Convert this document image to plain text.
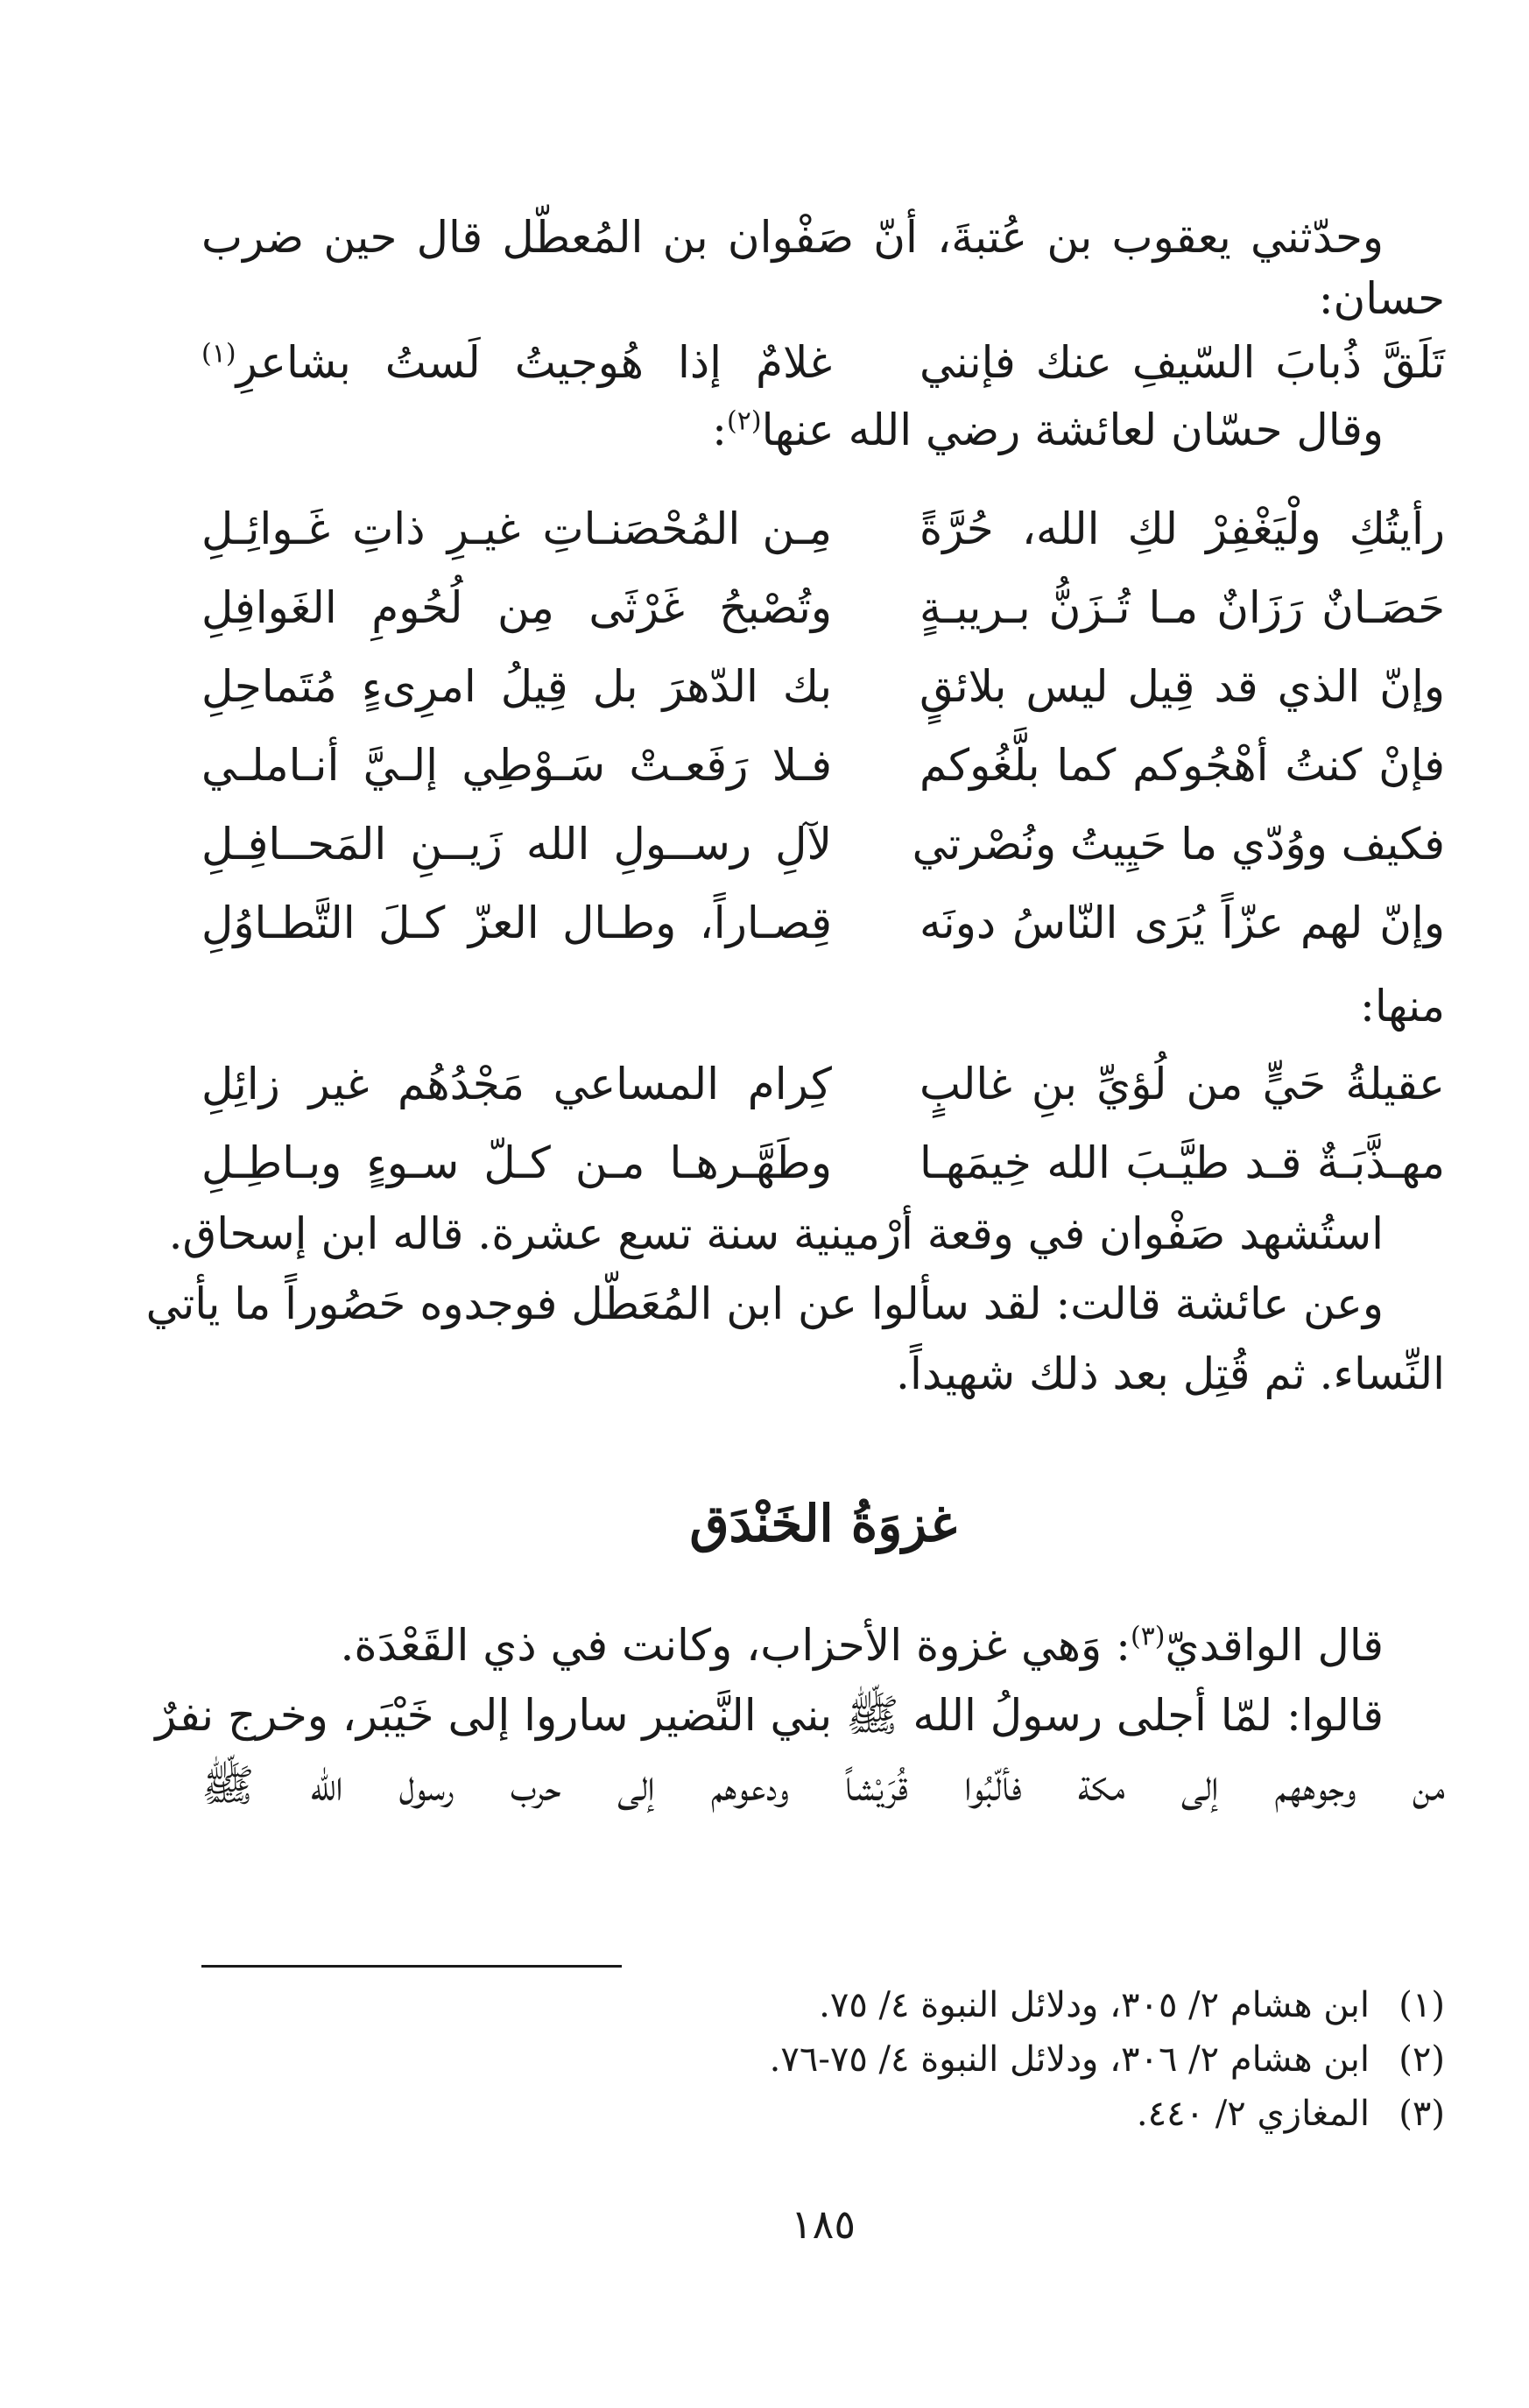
وحدّثني يعقوب بن عُتبةَ، أنّ صَفْوان بن المُعطّل قال حين ضرب
حسان:
تَلَقَّ ذُبابَ السّيفِ عنك فإنني
غلامٌ إذا هُوجيتُ لَستُ بشاعرِ$^{(١)}$
وقال حسّان لعائشة رضي الله عنها$^{(٢)}$:
رأيتُكِ ولْيَغْفِرْ لكِ الله، حُرَّةً
مِـن المُحْصَنـاتِ غيـرِ ذاتِ غَـوائِـلِ
حَصَـانٌ رَزَانٌ مـا تُـزَنُّ بـريبـةٍ
وتُصْبحُ غَرْثَى مِن لُحُومِ الغَوافِلِ
وإنّ الذي قد قِيل ليس بلائقٍ
بك الدّهرَ بل قِيلُ امرِىءٍ مُتَماحِلِ
فإنْ كنتُ أهْجُوكم كما بلَّغُوكم
فـلا رَفَعـتْ سَـوْطِي إلـيَّ أنـاملـي
فكيف ووُدّي ما حَيِيتُ ونُصْرتي
لآلِ رســولِ الله زَيــنِ المَحــافِـلِ
وإنّ لهم عزّاً يُرَى النّاسُ دونَه
قِصـاراً، وطـال العزّ كـلَ التَّطـاوُلِ
منها:
عقيلةُ حَيٍّ من لُؤيِّ بنِ غالبٍ
كِرام المساعي مَجْدُهُم غير زائِلِ
مهـذَّبَـةٌ قـد طيَّـبَ الله خِيمَهـا
وطَهَّـرهـا مـن كـلّ سـوءٍ وبـاطِـلِ
استُشهد صَفْوان في وقعة أرْمينية سنة تسع عشرة. قاله ابن إسحاق.
وعن عائشة قالت: لقد سألوا عن ابن المُعَطّل فوجدوه حَصُوراً ما يأتي
النِّساء. ثم قُتِل بعد ذلك شهيداً.
غزوَةُ الخَنْدَق
قال الواقديّ$^{(٣)}$: وَهي غزوة الأحزاب، وكانت في ذي القَعْدَة.
قالوا: لمّا أجلى رسولُ الله ﷺ بني النَّضير ساروا إلى خَيْبَر، وخرج نفرٌ
من وجوههم إلى مكة فألّبُوا قُرَيْشاً ودعوهم إلى حرب رسول الله ﷺ
(١)ابن هشام ٢/ ٣٠٥، ودلائل النبوة ٤/ ٧٥.
(٢)ابن هشام ٢/ ٣٠٦، ودلائل النبوة ٤/ ٧٥-٧٦.
(٣)المغازي ٢/ ٤٤٠.
١٨٥
